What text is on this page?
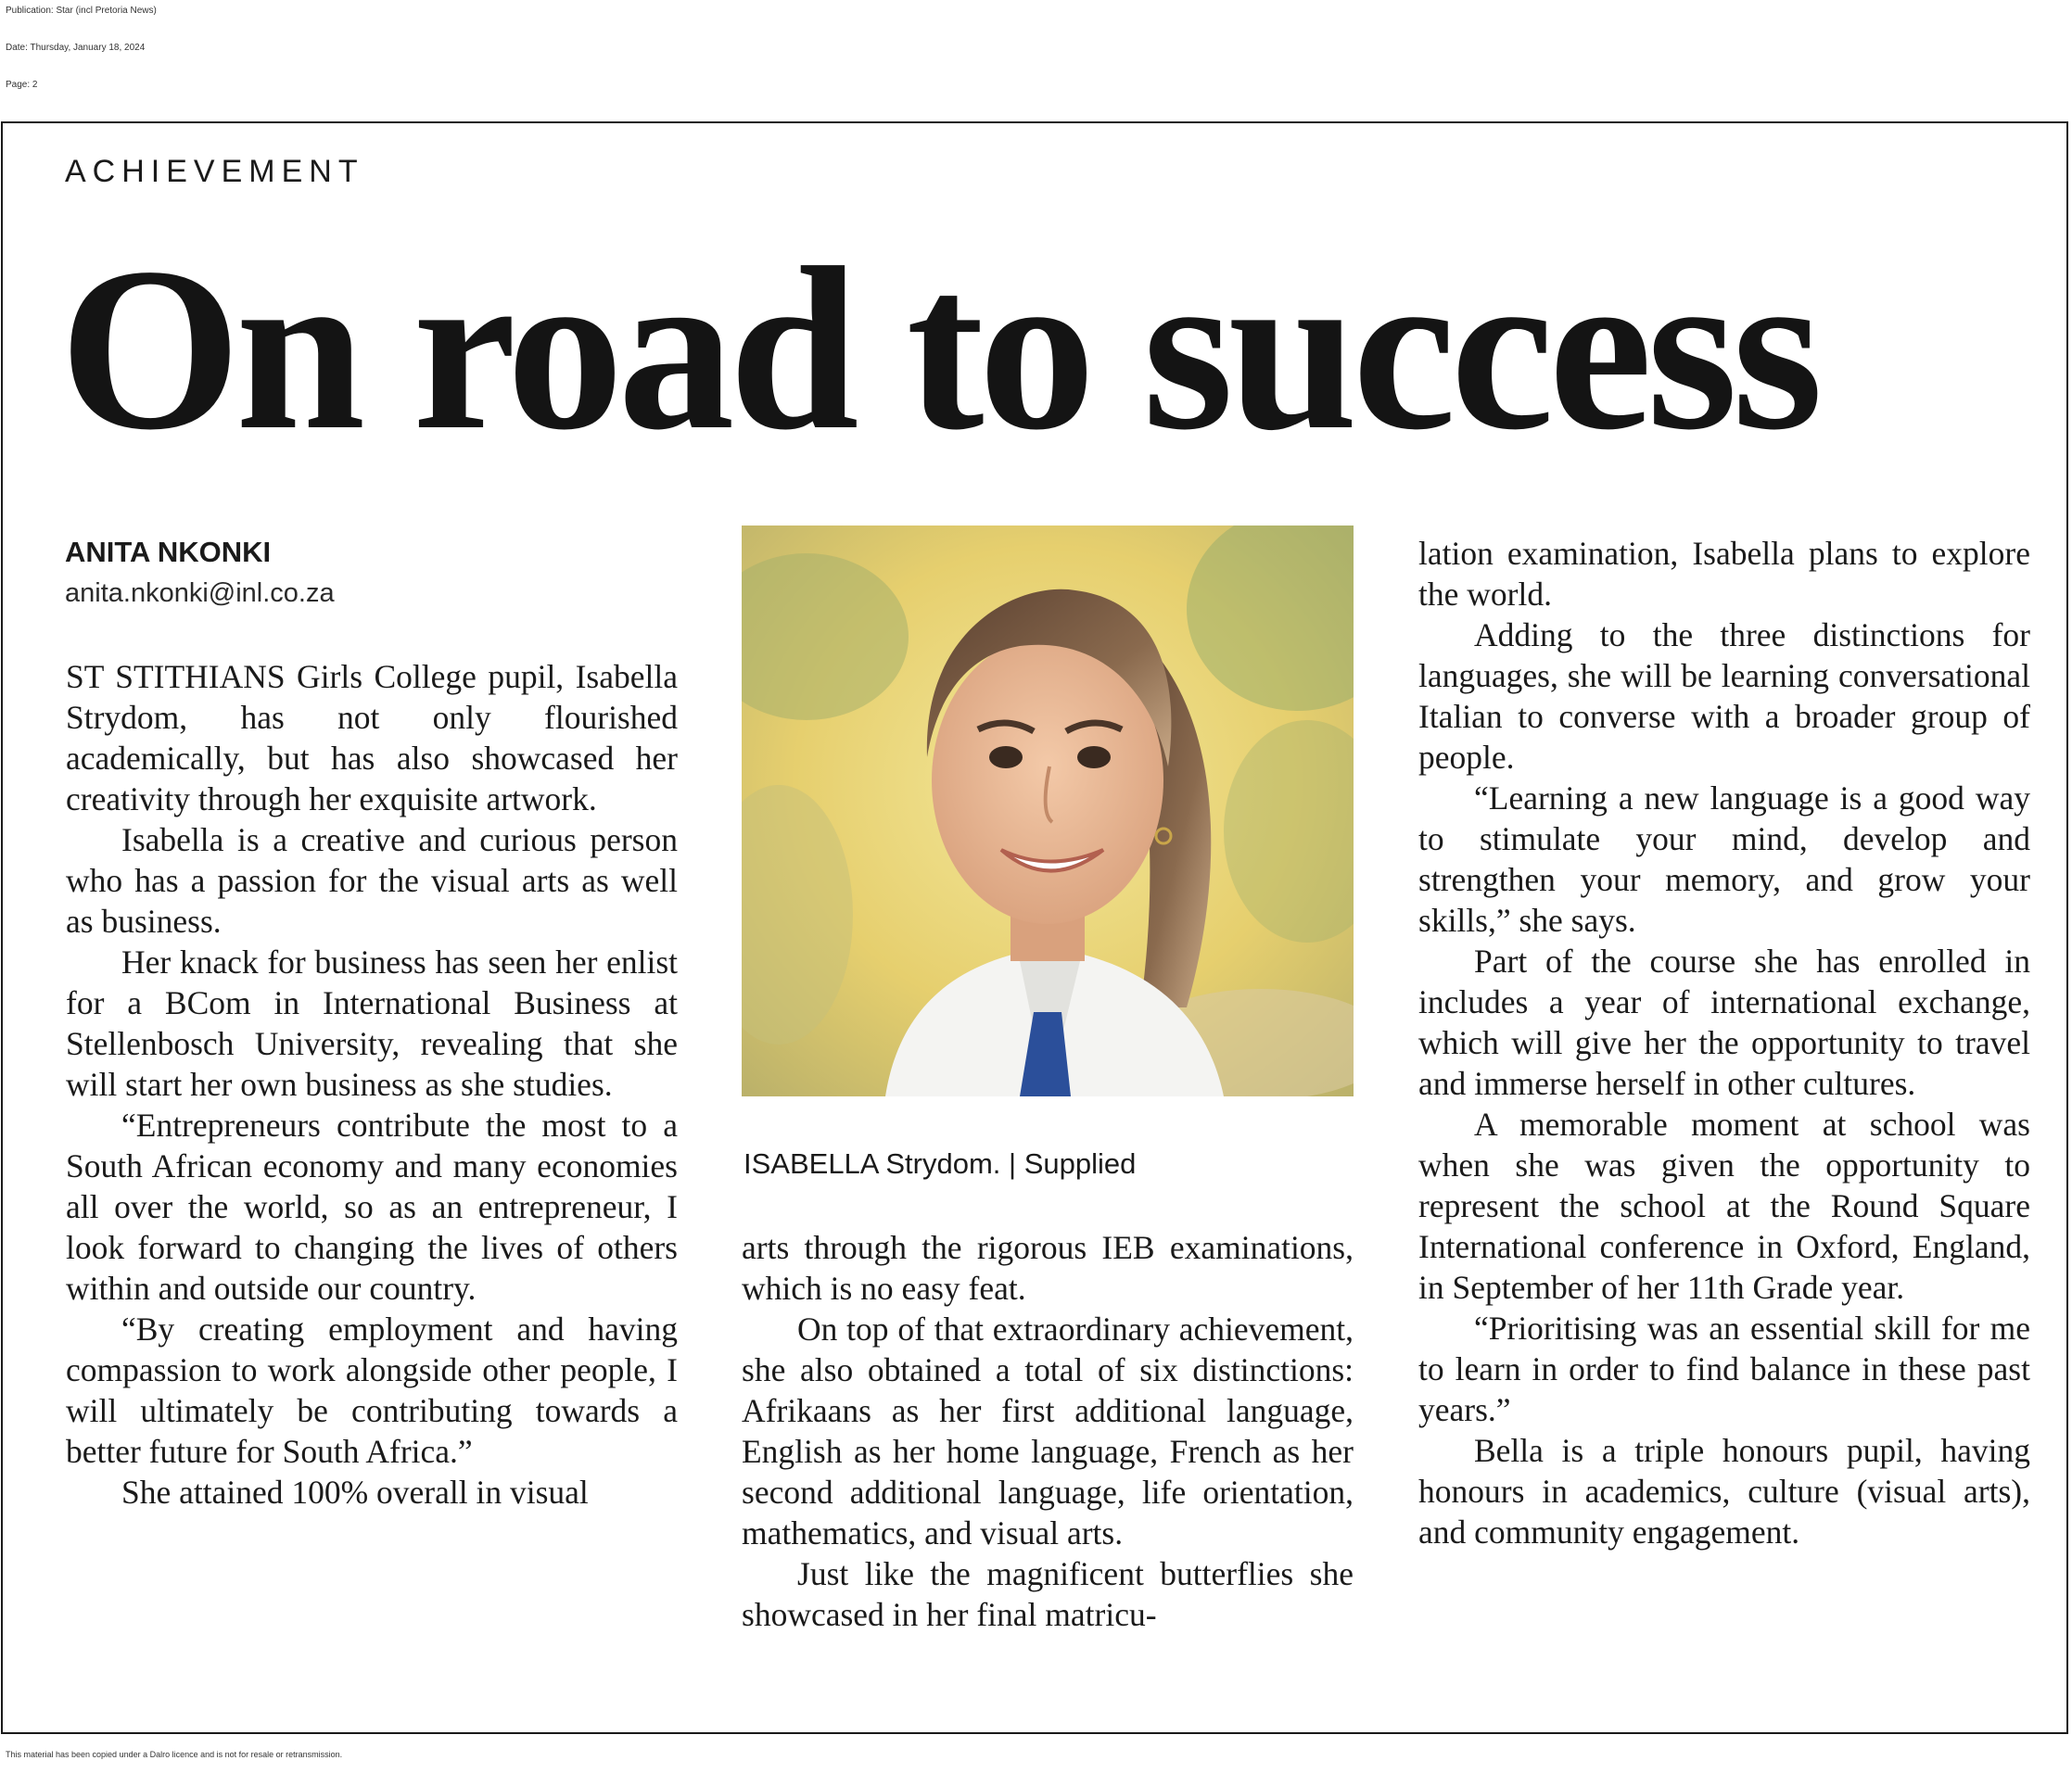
Publication: Star (incl Pretoria News)
Date: Thursday, January 18, 2024
Page: 2
ACHIEVEMENT
On road to success
ANITA NKONKI
anita.nkonki@inl.co.za

ST STITHIANS Girls College pupil, Isabella Strydom, has not only flourished academically, but has also showcased her creativity through her exquisite artwork.

Isabella is a creative and curious person who has a passion for the visual arts as well as business.

Her knack for business has seen her enlist for a BCom in International Business at Stellenbosch University, revealing that she will start her own business as she studies.

“Entrepreneurs contribute the most to a South African economy and many economies all over the world, so as an entrepreneur, I look forward to changing the lives of others within and outside our country.

“By creating employment and having compassion to work alongside other people, I will ultimately be contributing towards a better future for South Africa.”

She attained 100% overall in visual

ISABELLA Strydom. | Supplied

arts through the rigorous IEB examinations, which is no easy feat.

On top of that extraordinary achievement, she also obtained a total of six distinctions: Afrikaans as her first additional language, English as her home language, French as her second additional language, life orientation, mathematics, and visual arts.

Just like the magnificent butterflies she showcased in her final matricu-

lation examination, Isabella plans to explore the world.

Adding to the three distinctions for languages, she will be learning conversational Italian to converse with a broader group of people.

“Learning a new language is a good way to stimulate your mind, develop and strengthen your memory, and grow your skills,” she says.

Part of the course she has enrolled in includes a year of international exchange, which will give her the opportunity to travel and immerse herself in other cultures.

A memorable moment at school was when she was given the opportunity to represent the school at the Round Square International conference in Oxford, England, in September of her 11th Grade year.

“Prioritising was an essential skill for me to learn in order to find balance in these past years.”

Bella is a triple honours pupil, having honours in academics, culture (visual arts), and community engagement.

This material has been copied under a Dalro licence and is not for resale or retransmission.
